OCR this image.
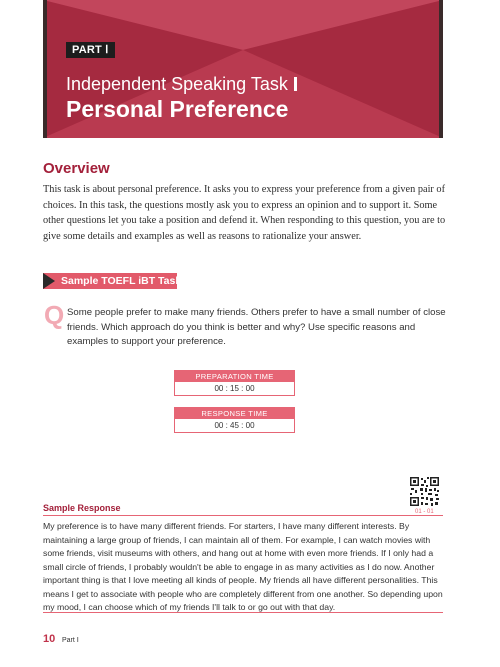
PART Ⅰ
Independent Speaking Task
Personal Preference
Overview
This task is about personal preference. It asks you to express your preference from a given pair of choices. In this task, the questions mostly ask you to express an opinion and to support it. Some other questions let you take a position and defend it. When responding to this question, you are to give some details and examples as well as reasons to rationalize your answer.
Sample TOEFL iBT Task
Q Some people prefer to make many friends. Others prefer to have a small number of close friends. Which approach do you think is better and why? Use specific reasons and examples to support your preference.
PREPARATION TIME
00 : 15 : 00
RESPONSE TIME
00 : 45 : 00
01 - 01
Sample Response
My preference is to have many different friends. For starters, I have many different interests. By maintaining a large group of friends, I can maintain all of them. For example, I can watch movies with some friends, visit museums with others, and hang out at home with even more friends. If I only had a small circle of friends, I probably wouldn't be able to engage in as many activities as I do now. Another important thing is that I love meeting all kinds of people. My friends all have different personalities. This means I get to associate with people who are completely different from one another. So depending upon my mood, I can choose which of my friends I'll talk to or go out with that day.
10 Part Ⅰ
